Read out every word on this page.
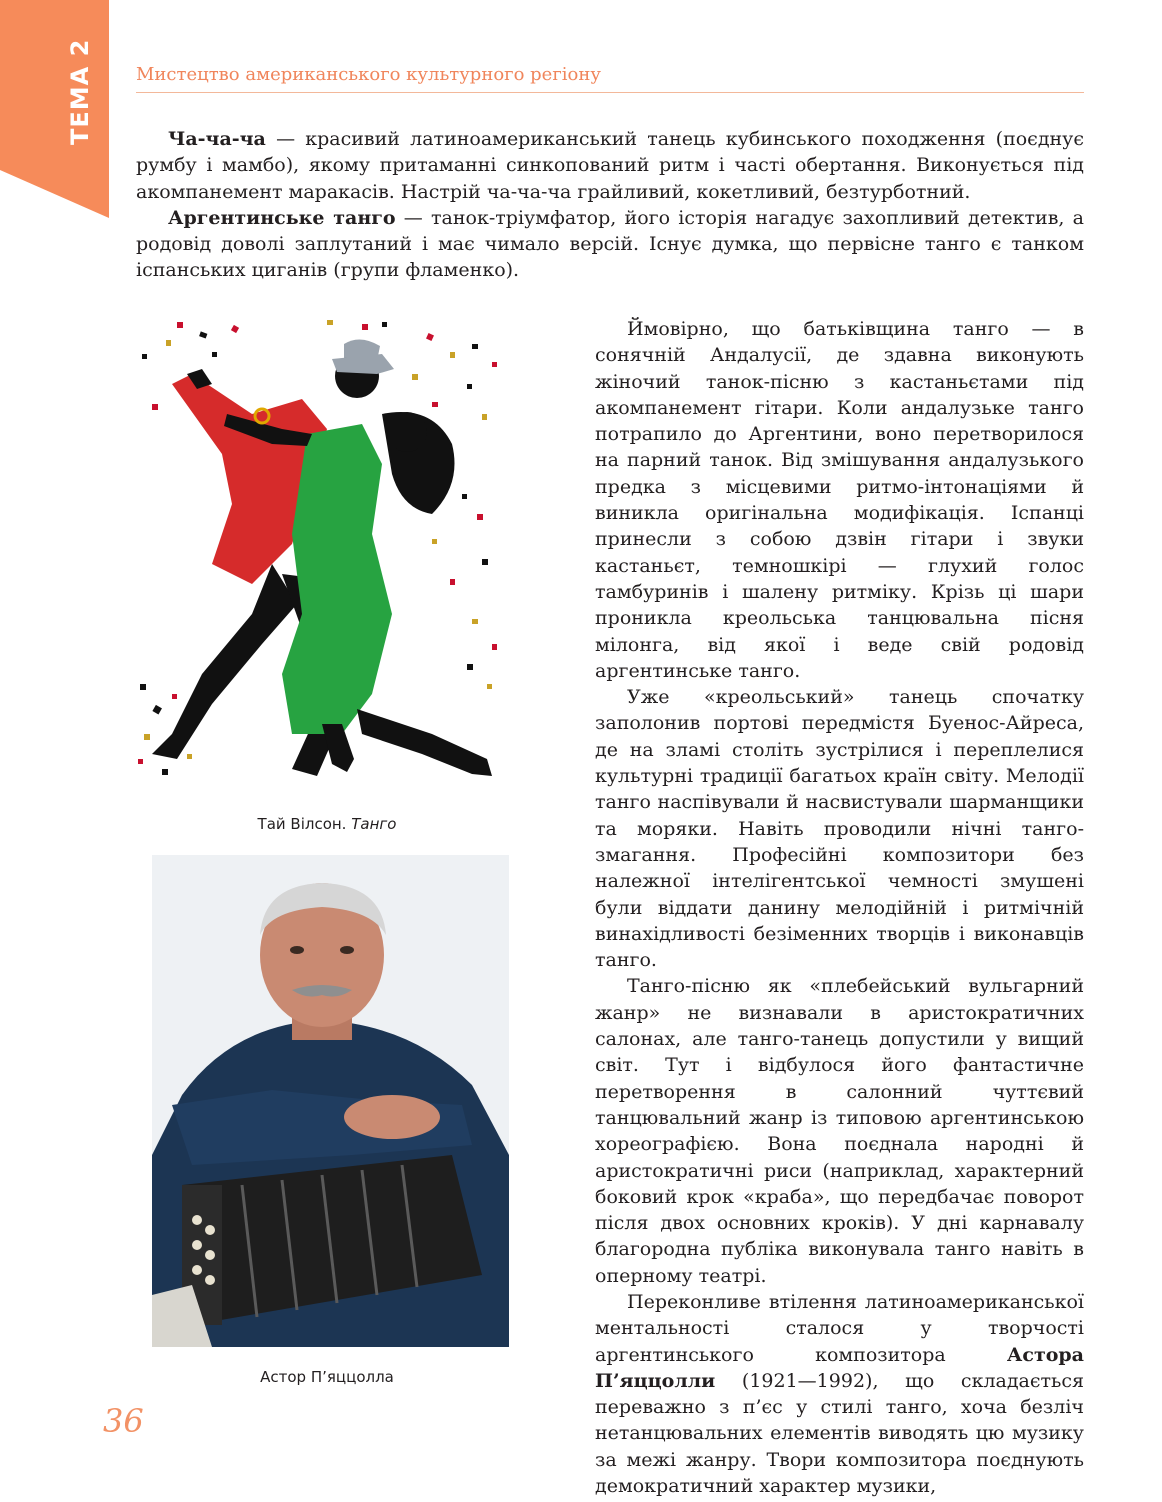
ТЕМА 2 Мистецтво американського культурного регіону

Ча-ча-ча — красивий латиноамериканський танець кубинського походження (поєднує румбу і мамбо), якому притаманні синкопований ритм і часті обертання. Виконується під акомпанемент маракасів. Настрій ча-ча-ча грайливий, кокетливий, безтурботний.

Аргентинське танго — танок-тріумфатор, його історія нагадує захопливий детектив, а родовід доволі заплутаний і має чимало версій. Існує думка, що первісне танго є танком іспанських циганів (групи фламенко).

Тай Вілсон. Танго
Астор П’яццолла

Ймовірно, що батьківщина танго — в сонячній Андалусії, де здавна виконують жіночий танок-пісню з кастаньєтами під акомпанемент гітари. Коли андалузьке танго потрапило до Аргентини, воно перетворилося на парний танок. Від змішування андалузького предка з місцевими ритмо-інтонаціями й виникла оригінальна модифікація. Іспанці принесли з собою дзвін гітари і звуки кастаньєт, темношкірі — глухий голос тамбуринів і шалену ритміку. Крізь ці шари проникла креольська танцювальна пісня мілонга, від якої і веде свій родовід аргентинське танго.

Уже «креольський» танець спочатку заполонив портові передмістя Буенос-Айреса, де на зламі століть зустрілися і переплелися культурні традиції багатьох країн світу. Мелодії танго наспівували й насвистували шарманщики та моряки. Навіть проводили нічні танго-змагання. Професійні композитори без належної інтелігентської чемності змушені були віддати данину мелодійній і ритмічній винахідливості безіменних творців і виконавців танго.

Танго-пісню як «плебейський вульгарний жанр» не визнавали в аристократичних салонах, але танго-танець допустили у вищий світ. Тут і відбулося його фантастичне перетворення в салонний чуттєвий танцювальний жанр із типовою аргентинською хореографією. Вона поєднала народні й аристократичні риси (наприклад, характерний боковий крок «краба», що передбачає поворот після двох основних кроків). У дні карнавалу благородна публіка виконувала танго навіть в оперному театрі.

Переконливе втілення латиноамериканської ментальності сталося у творчості аргентинського композитора Астора П’яццолли (1921—1992), що складається переважно з п’єс у стилі танго, хоча безліч нетанцювальних елементів виводять цю музику за межі жанру. Твори композитора поєднують демократичний характер музики,

36
